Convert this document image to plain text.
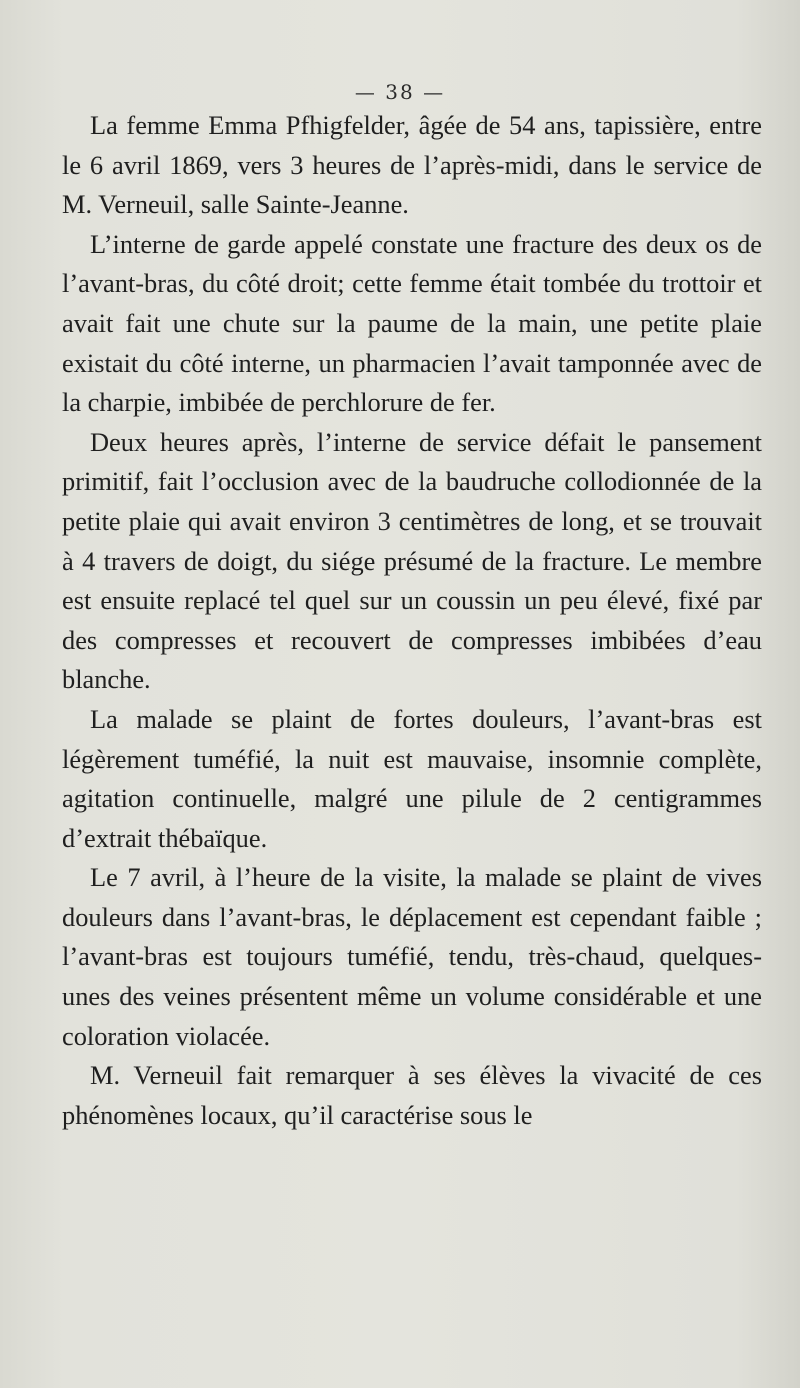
— 38 —

La femme Emma Pfhigfelder, âgée de 54 ans, tapissière, entre le 6 avril 1869, vers 3 heures de l’après-midi, dans le service de M. Verneuil, salle Sainte-Jeanne.

L’interne de garde appelé constate une fracture des deux os de l’avant-bras, du côté droit; cette femme était tombée du trottoir et avait fait une chute sur la paume de la main, une petite plaie existait du côté interne, un pharmacien l’avait tamponnée avec de la charpie, imbibée de perchlorure de fer.

Deux heures après, l’interne de service défait le pansement primitif, fait l’occlusion avec de la baudruche collodionnée de la petite plaie qui avait environ 3 centimètres de long, et se trouvait à 4 travers de doigt, du siége présumé de la fracture. Le membre est ensuite replacé tel quel sur un coussin un peu élevé, fixé par des compresses et recouvert de compresses imbibées d’eau blanche.

La malade se plaint de fortes douleurs, l’avant-bras est légèrement tuméfié, la nuit est mauvaise, insomnie complète, agitation continuelle, malgré une pilule de 2 centigrammes d’extrait thébaïque.

Le 7 avril, à l’heure de la visite, la malade se plaint de vives douleurs dans l’avant-bras, le déplacement est cependant faible ; l’avant-bras est toujours tuméfié, tendu, très-chaud, quelques-unes des veines présentent même un volume considérable et une coloration violacée.

M. Verneuil fait remarquer à ses élèves la vivacité de ces phénomènes locaux, qu’il caractérise sous le
